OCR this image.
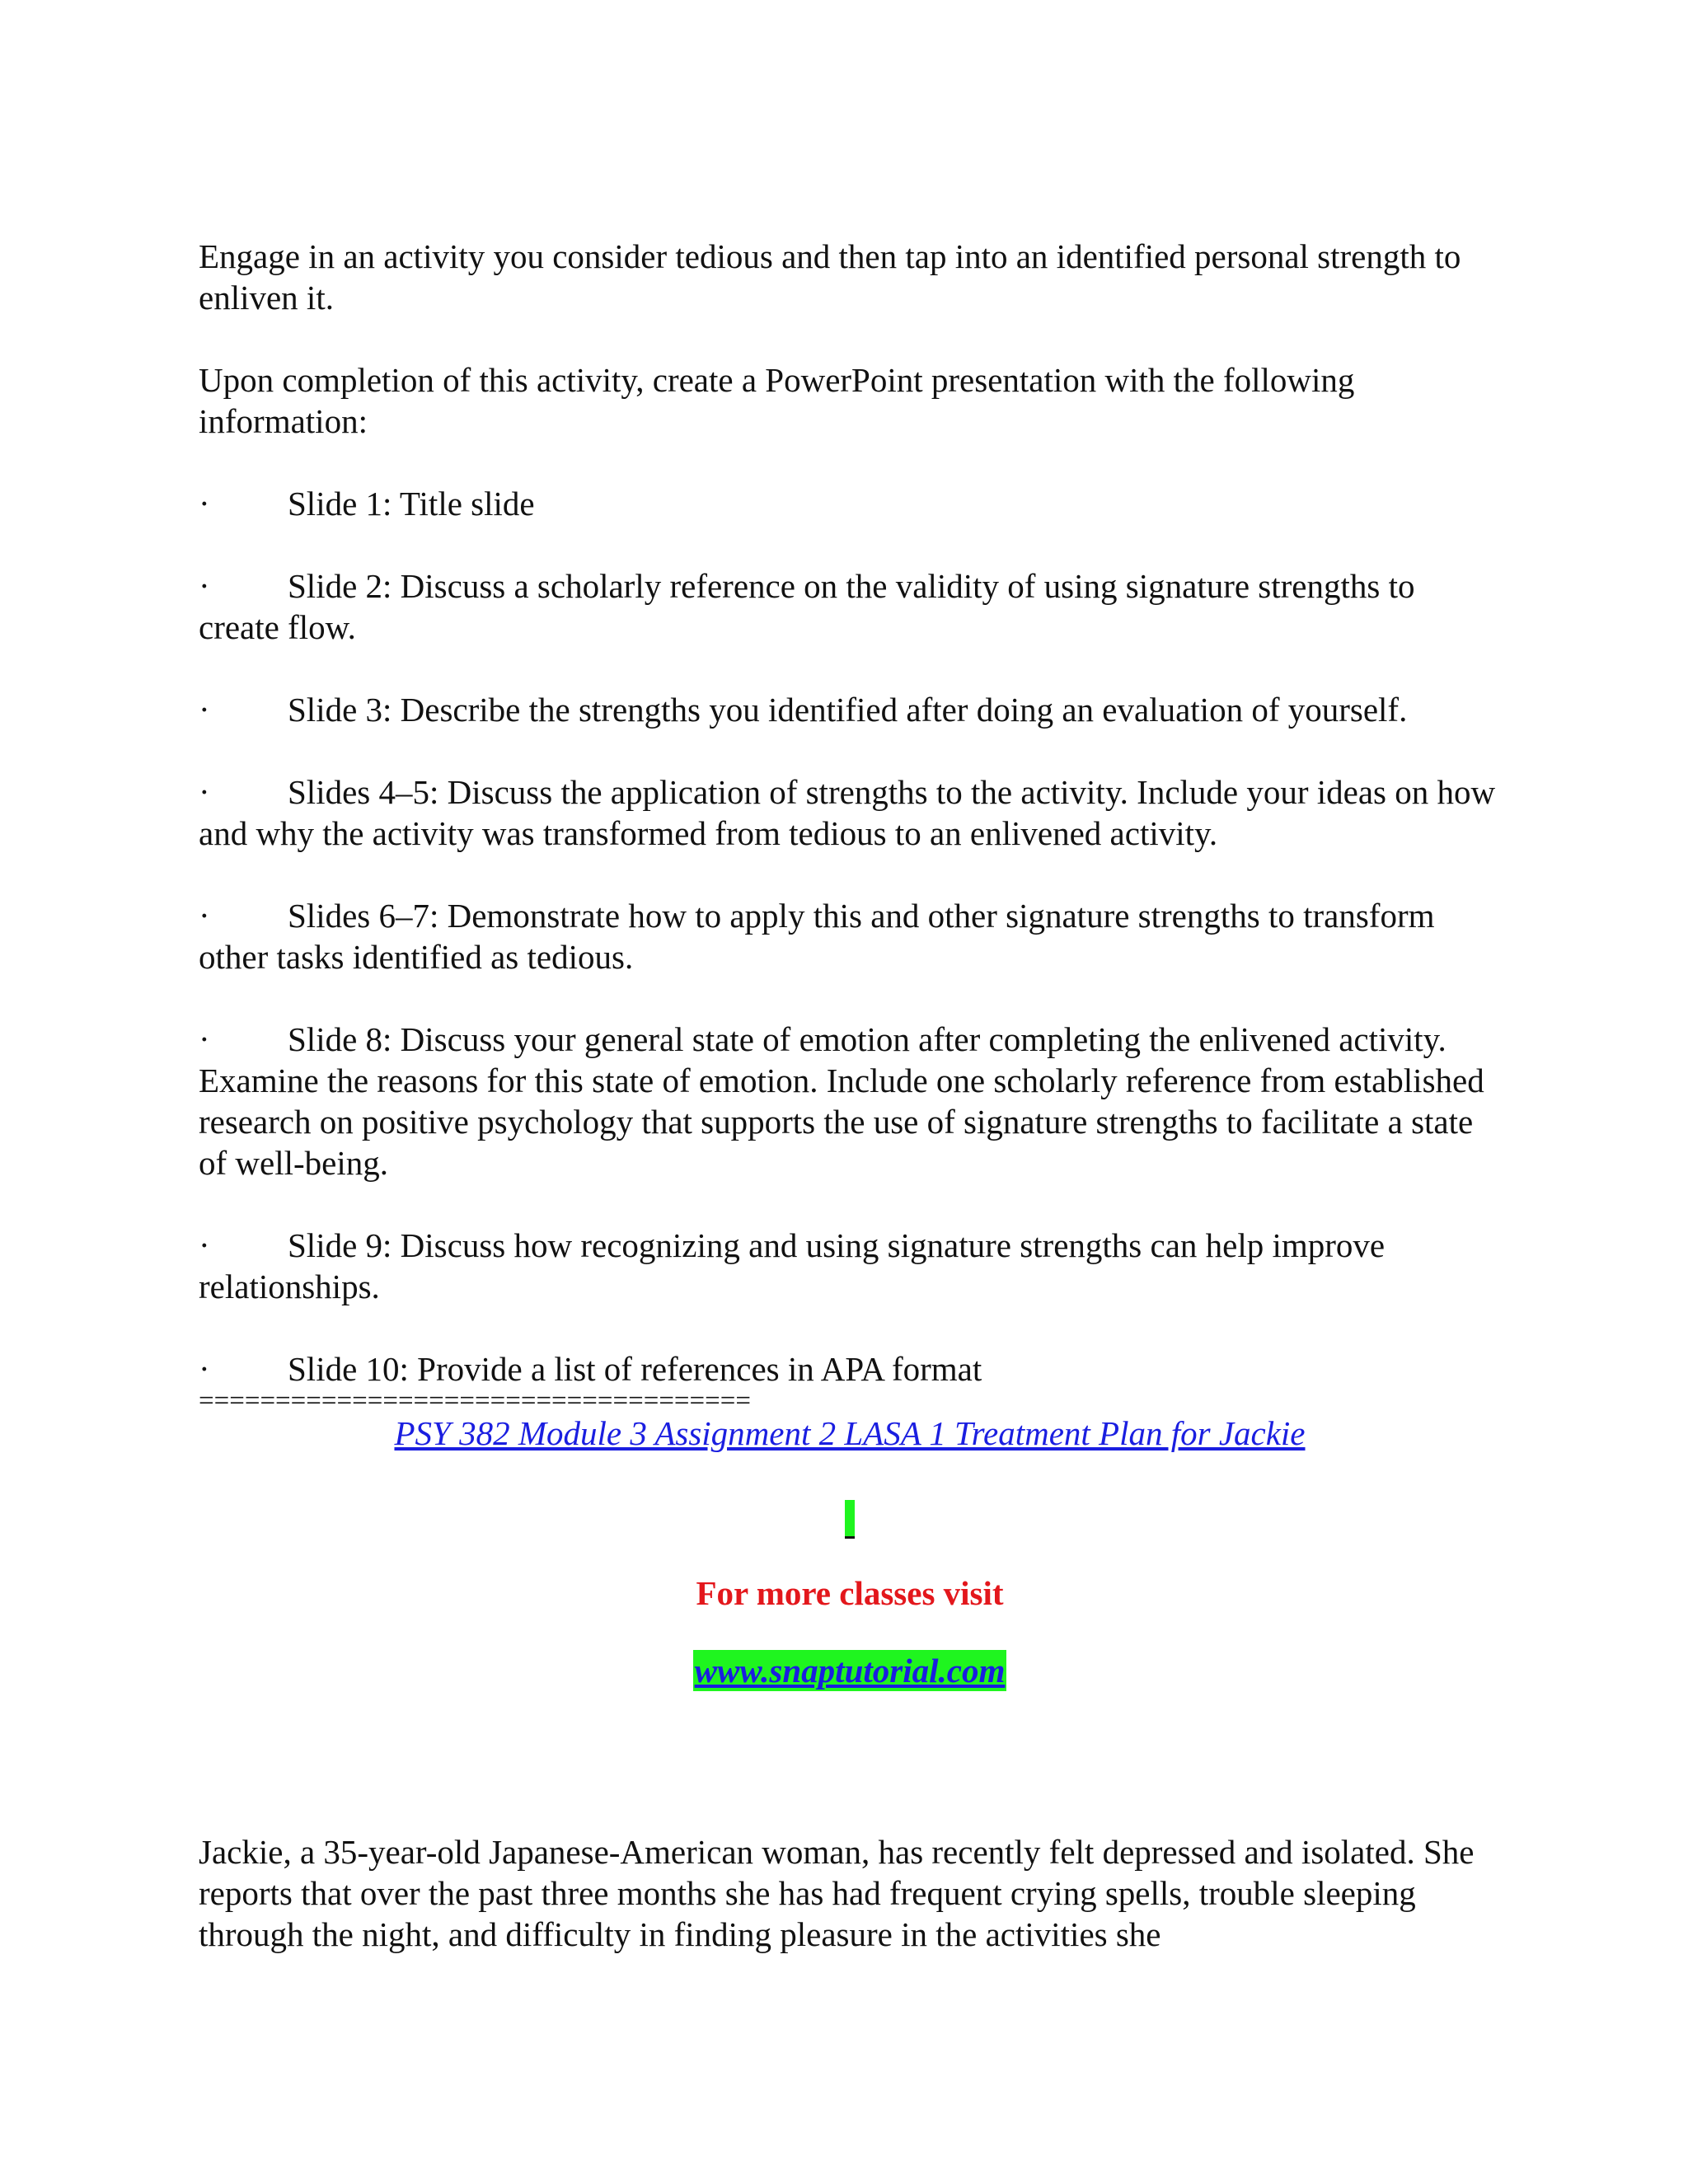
Engage in an activity you consider tedious and then tap into an identified personal strength to enliven it.

Upon completion of this activity, create a PowerPoint presentation with the following information:

· Slide 1: Title slide

· Slide 2: Discuss a scholarly reference on the validity of using signature strengths to create flow.

· Slide 3: Describe the strengths you identified after doing an evaluation of yourself.

· Slides 4–5: Discuss the application of strengths to the activity. Include your ideas on how and why the activity was transformed from tedious to an enlivened activity.

· Slides 6–7: Demonstrate how to apply this and other signature strengths to transform other tasks identified as tedious.

· Slide 8: Discuss your general state of emotion after completing the enlivened activity. Examine the reasons for this state of emotion. Include one scholarly reference from established research on positive psychology that supports the use of signature strengths to facilitate a state of well-being.

· Slide 9: Discuss how recognizing and using signature strengths can help improve relationships.

· Slide 10: Provide a list of references in APA format

====================================

PSY 382 Module 3 Assignment 2 LASA 1 Treatment Plan for Jackie

For more classes visit

www.snaptutorial.com

Jackie, a 35-year-old Japanese-American woman, has recently felt depressed and isolated. She reports that over the past three months she has had frequent crying spells, trouble sleeping through the night, and difficulty in finding pleasure in the activities she
